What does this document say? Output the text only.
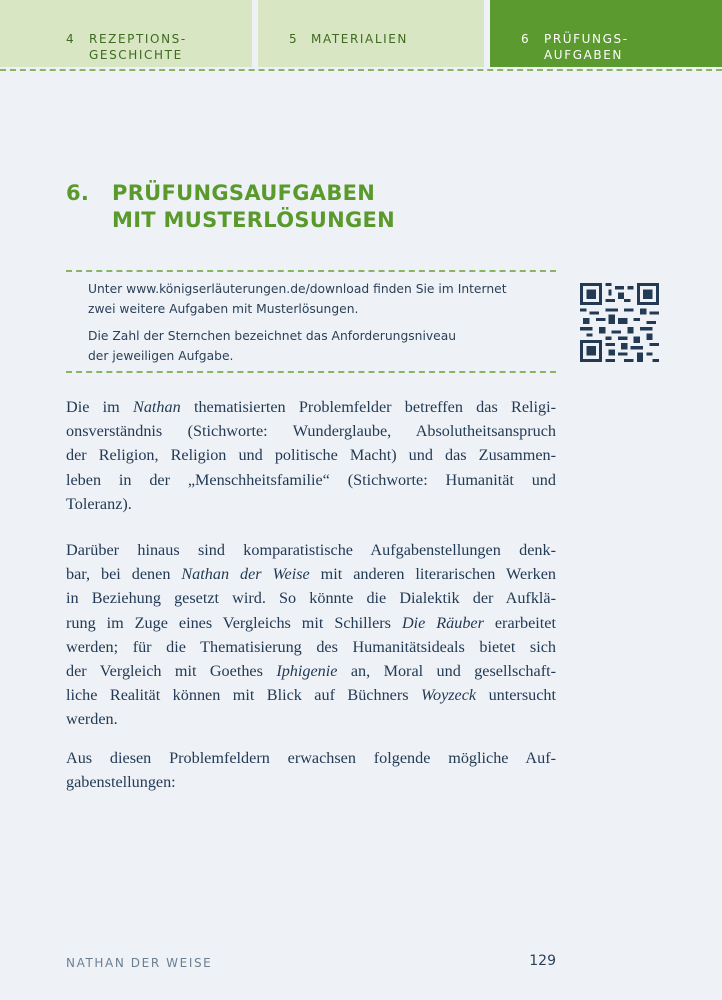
4 REZEPTIONS-
GESCHICHTE
5 MATERIALIEN	6 PRÜFUNGS-
AUFGABEN
6. PRÜFUNGSAUFGABEN
MIT MUSTERLÖSUNGEN
Unter www.königserläuterungen.de/download finden Sie im Internet
zwei weitere Aufgaben mit Musterlösungen.
Die Zahl der Sternchen bezeichnet das Anforderungsniveau
der jeweiligen Aufgabe.
Die im Nathan thematisierten Problemfelder betreffen das Religi-
onsverständnis (Stichworte: Wunderglaube, Absolutheitsanspruch
der Religion, Religion und politische Macht) und das Zusammen-
leben in der „Menschheitsfamilie“ (Stichworte: Humanität und
Toleranz).
Darüber hinaus sind komparatistische Aufgabenstellungen denk-
bar, bei denen Nathan der Weise mit anderen literarischen Werken
in Beziehung gesetzt wird. So könnte die Dialektik der Aufklä-
rung im Zuge eines Vergleichs mit Schillers Die Räuber erarbeitet
werden; für die Thematisierung des Humanitätsideals bietet sich
der Vergleich mit Goethes Iphigenie an, Moral und gesellschaft-
liche Realität können mit Blick auf Büchners Woyzeck untersucht
werden.
Aus diesen Problemfeldern erwachsen folgende mögliche Auf-
gabenstellungen:
NATHAN DER WEISE	129
